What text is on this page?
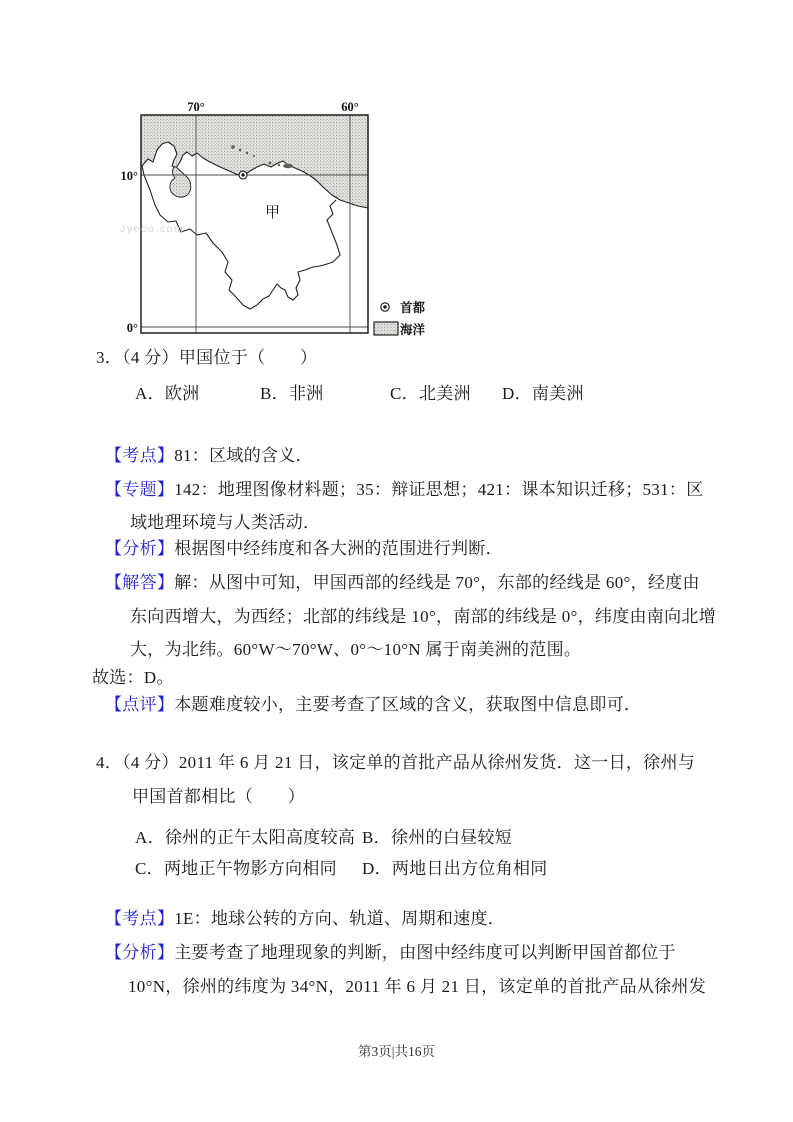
70°	60°
10°
0°
甲
Jyeoo.com
首都
海洋
3．（4 分）甲国位于（　　）
A．欧洲	B．非洲	C．北美洲 D．南美洲
【考点】81：区域的含义．
【专题】142：地理图像材料题；35：辩证思想；421：课本知识迁移；531：区
域地理环境与人类活动．
【分析】根据图中经纬度和各大洲的范围进行判断．
【解答】解：从图中可知，甲国西部的经线是 70°，东部的经线是 60°，经度由
东向西增大，为西经；北部的纬线是 10°，南部的纬线是 0°，纬度由南向北增
大，为北纬。60°W～70°W、0°～10°N 属于南美洲的范围。
故选：D。
【点评】本题难度较小，主要考查了区域的含义，获取图中信息即可．
4．（4 分）2011 年 6 月 21 日，该定单的首批产品从徐州发货．这一日，徐州与
甲国首都相比（　　）
A．徐州的正午太阳高度较高 B．徐州的白昼较短
C．两地正午物影方向相同 D．两地日出方位角相同
【考点】1E：地球公转的方向、轨道、周期和速度．
【分析】主要考查了地理现象的判断，由图中经纬度可以判断甲国首都位于
10°N，徐州的纬度为 34°N，2011 年 6 月 21 日，该定单的首批产品从徐州发
第3页|共16页
